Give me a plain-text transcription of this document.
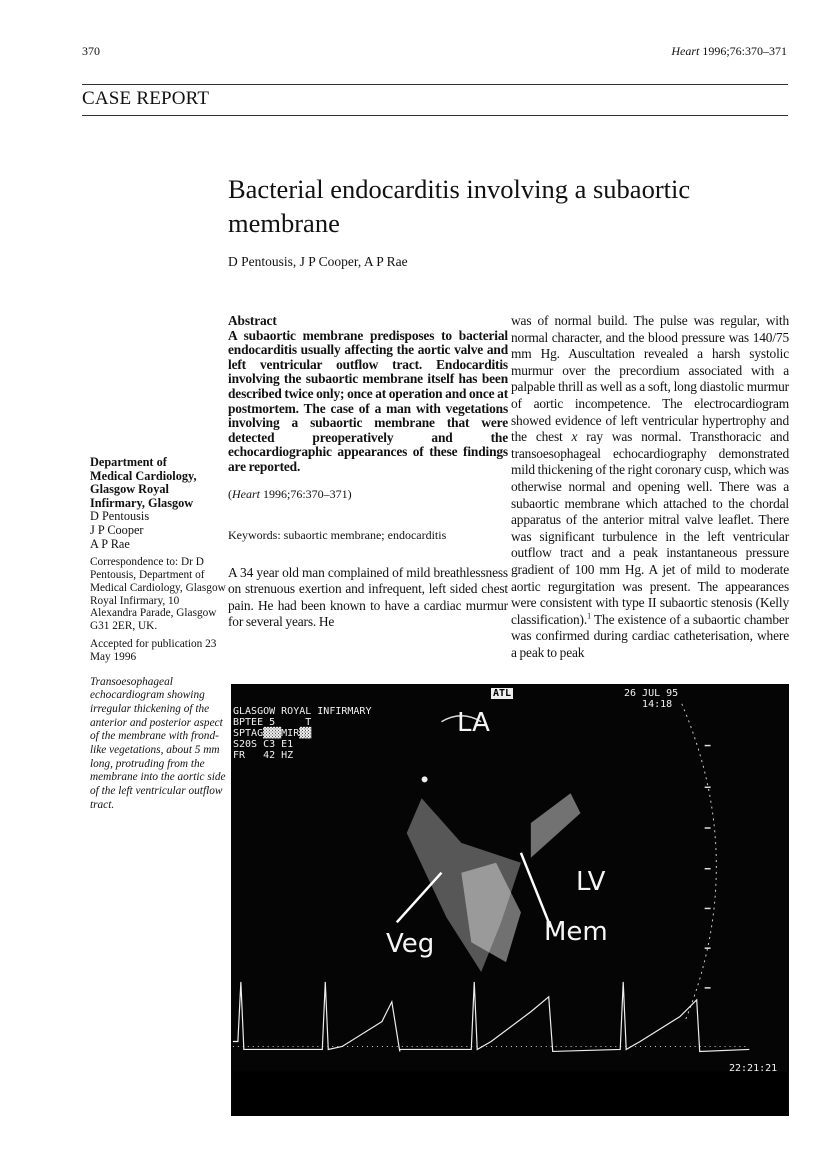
370	Heart 1996;76:370–371
CASE REPORT
Bacterial endocarditis involving a subaortic membrane
D Pentousis, J P Cooper, A P Rae
Abstract
A subaortic membrane predisposes to bacterial endocarditis usually affecting the aortic valve and left ventricular outflow tract. Endocarditis involving the subaortic membrane itself has been described twice only; once at operation and once at postmortem. The case of a man with vegetations involving a subaortic membrane that were detected preoperatively and the echocardiographic appearances of these findings are reported.
(Heart 1996;76:370–371)
Keywords: subaortic membrane; endocarditis
A 34 year old man complained of mild breathlessness on strenuous exertion and infrequent, left sided chest pain. He had been known to have a cardiac murmur for several years. He
was of normal build. The pulse was regular, with normal character, and the blood pressure was 140/75 mm Hg. Auscultation revealed a harsh systolic murmur over the precordium associated with a palpable thrill as well as a soft, long diastolic murmur of aortic incompetence. The electrocardiogram showed evidence of left ventricular hypertrophy and the chest x ray was normal. Transthoracic and transoesophageal echocardiography demonstrated mild thickening of the right coronary cusp, which was otherwise normal and opening well. There was a subaortic membrane which attached to the chordal apparatus of the anterior mitral valve leaflet. There was significant turbulence in the left ventricular outflow tract and a peak instantaneous pressure gradient of 100 mm Hg. A jet of mild to moderate aortic regurgitation was present. The appearances were consistent with type II subaortic stenosis (Kelly classification).$^1$ The existence of a subaortic chamber was confirmed during cardiac catheterisation, where a peak to peak
Department of
Medical Cardiology,
Glasgow Royal
Infirmary, Glasgow
D Pentousis
J P Cooper
A P Rae
Correspondence to: Dr D Pentousis, Department of Medical Cardiology, Glasgow Royal Infirmary, 10 Alexandra Parade, Glasgow G31 2ER, UK.
Accepted for publication 23 May 1996
Transoesophageal echocardiogram showing irregular thickening of the anterior and posterior aspect of the membrane with frond-like vegetations, about 5 mm long, protruding from the membrane into the aortic side of the left ventricular outflow tract.
GLASGOW ROYAL INFIRMARY
BPTEE 5     T
SPTAG▓▓▓MIR▓▓
S20S C3 E1
FR   42 HZ
ATL	26 JUL 95
14:18
22:21:21
LA
LV
Veg	Mem
